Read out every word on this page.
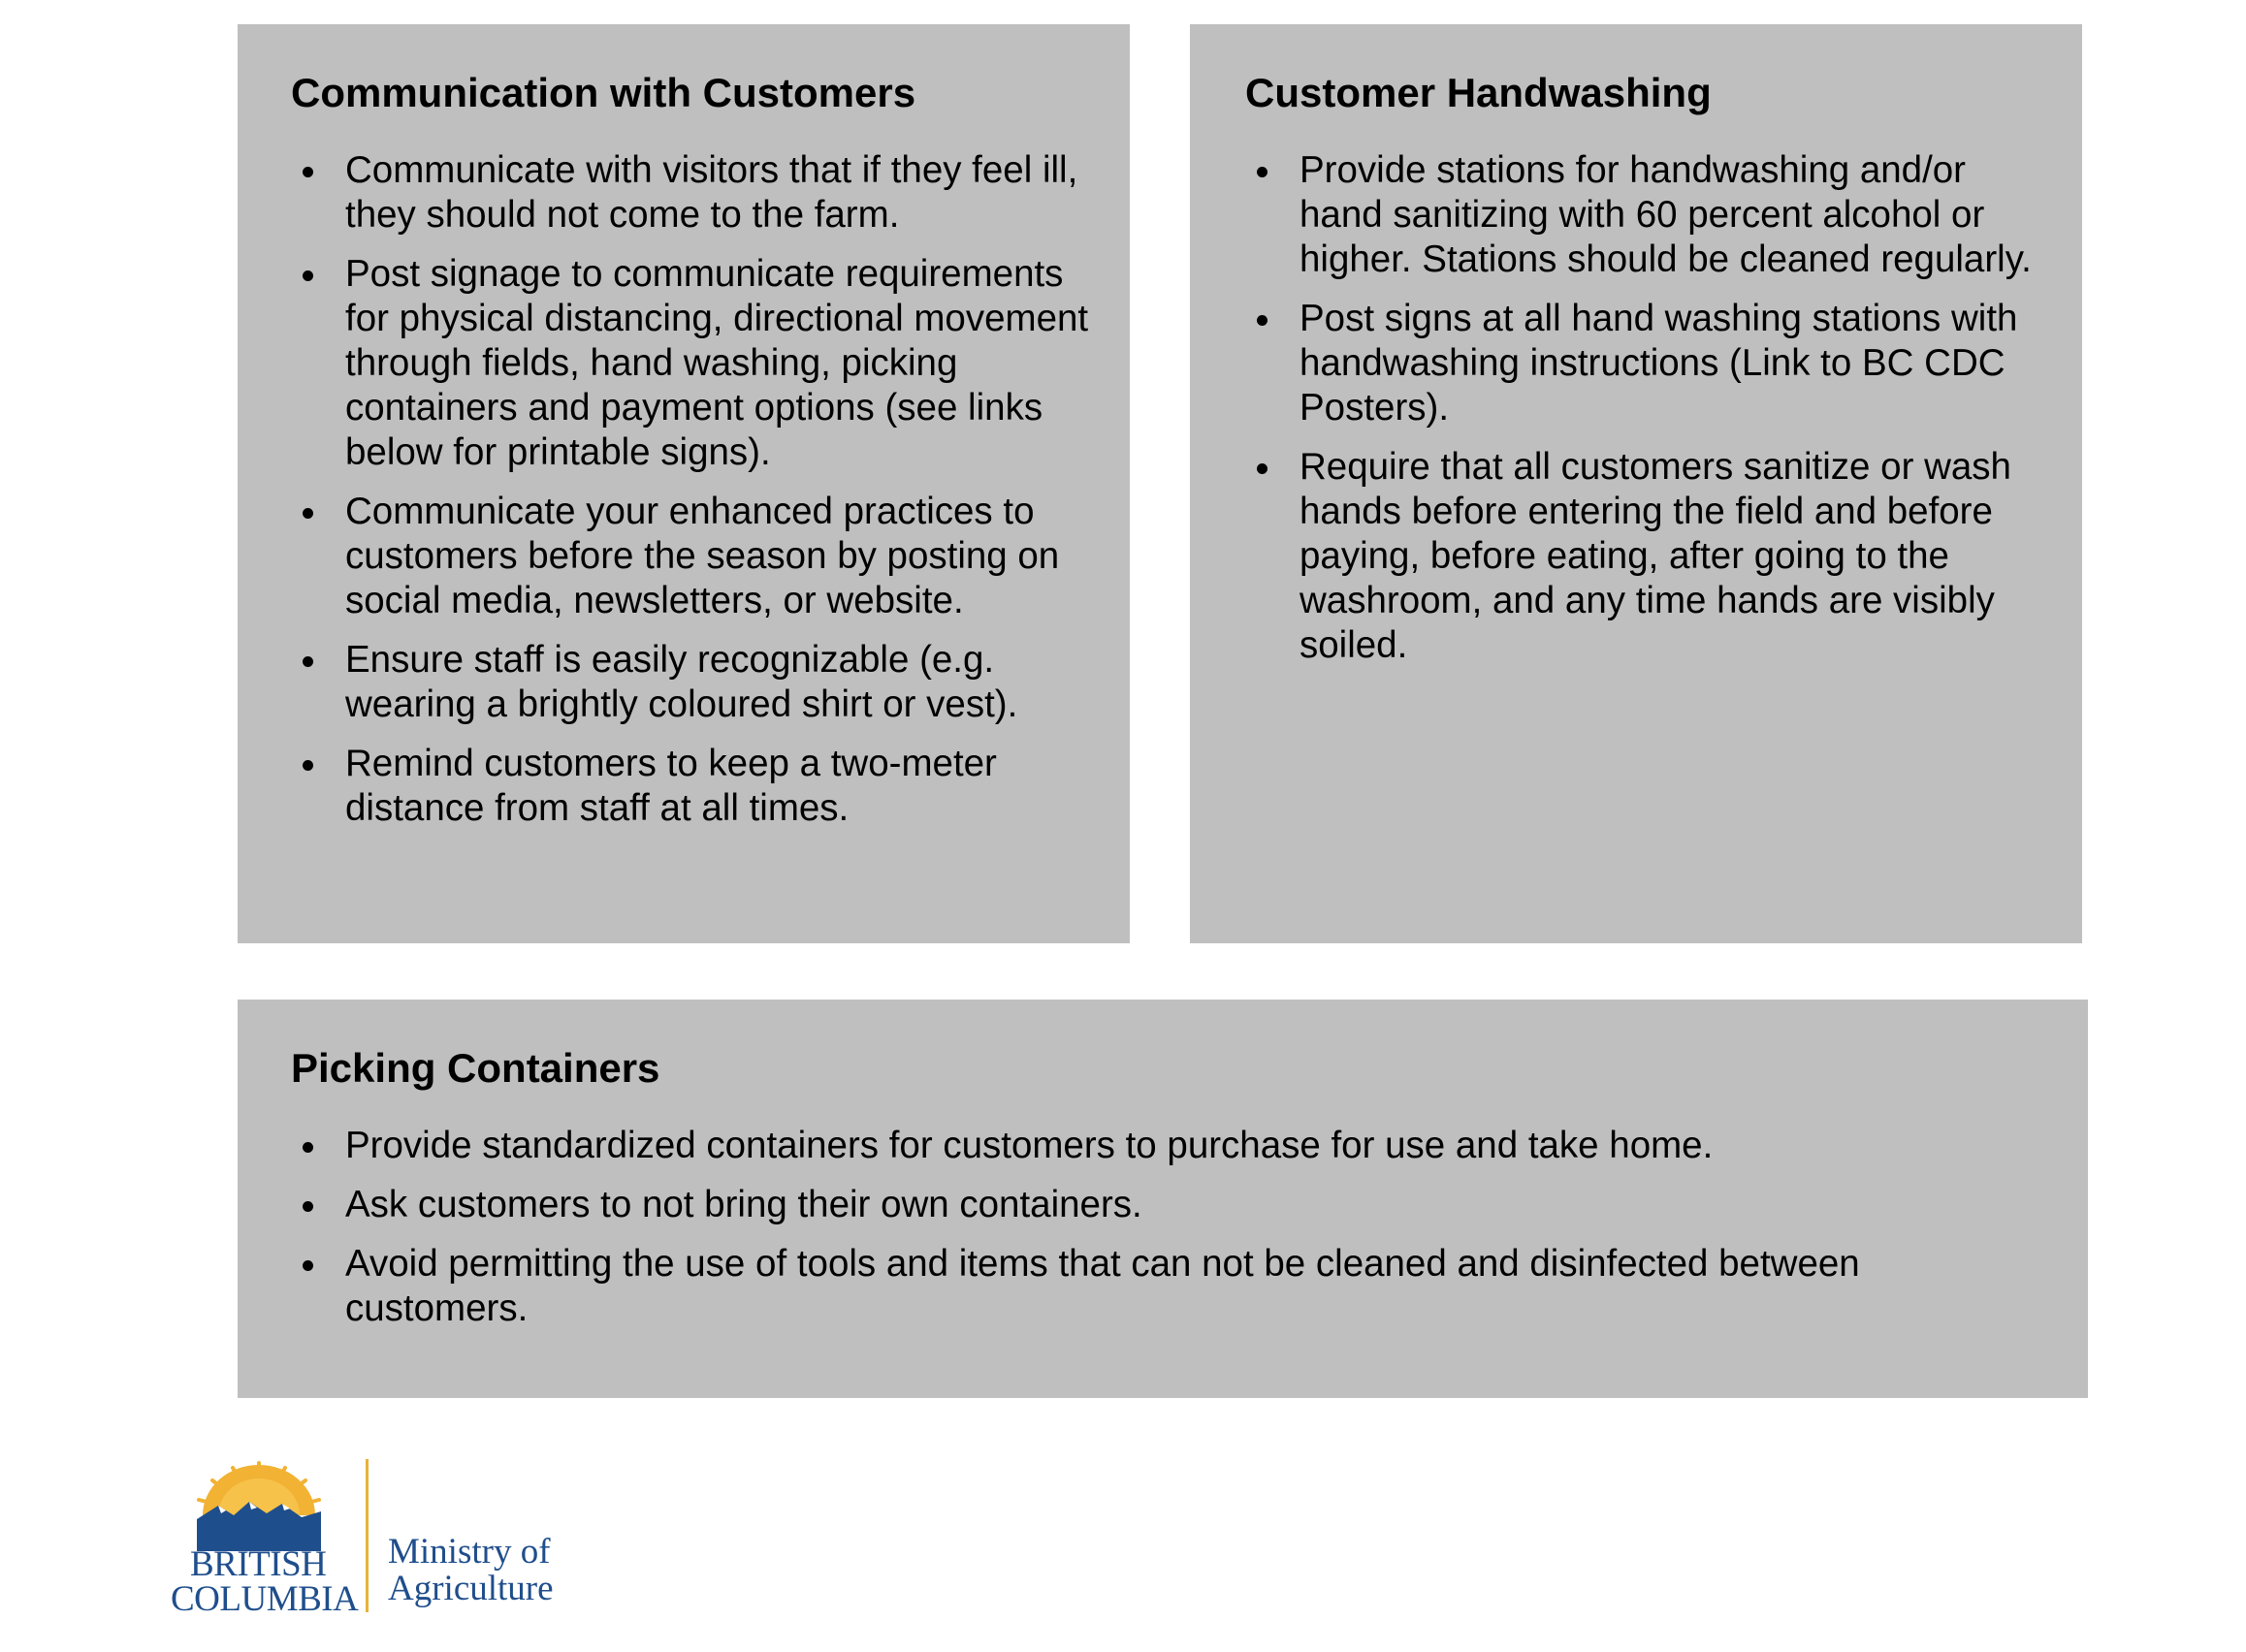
Communication with Customers
Communicate with visitors that if they feel ill, they should not come to the farm.
Post signage to communicate requirements for physical distancing, directional movement through fields, hand washing, picking containers and payment options (see links below for printable signs).
Communicate your enhanced practices to customers before the season by posting on social media, newsletters, or website.
Ensure staff is easily recognizable (e.g. wearing a brightly coloured shirt or vest).
Remind customers to keep a two-meter distance from staff at all times.
Customer Handwashing
Provide stations for handwashing and/or hand sanitizing with 60 percent alcohol or higher. Stations should be cleaned regularly.
Post signs at all hand washing stations with handwashing instructions (Link to BC CDC Posters).
Require that all customers sanitize or wash hands before entering the field and before paying, before eating, after going to the washroom, and any time hands are visibly soiled.
Picking Containers
Provide standardized containers for customers to purchase for use and take home.
Ask customers to not bring their own containers.
Avoid permitting the use of tools and items that can not be cleaned and disinfected between customers.
BRITISH
COLUMBIA
Ministry of
Agriculture
